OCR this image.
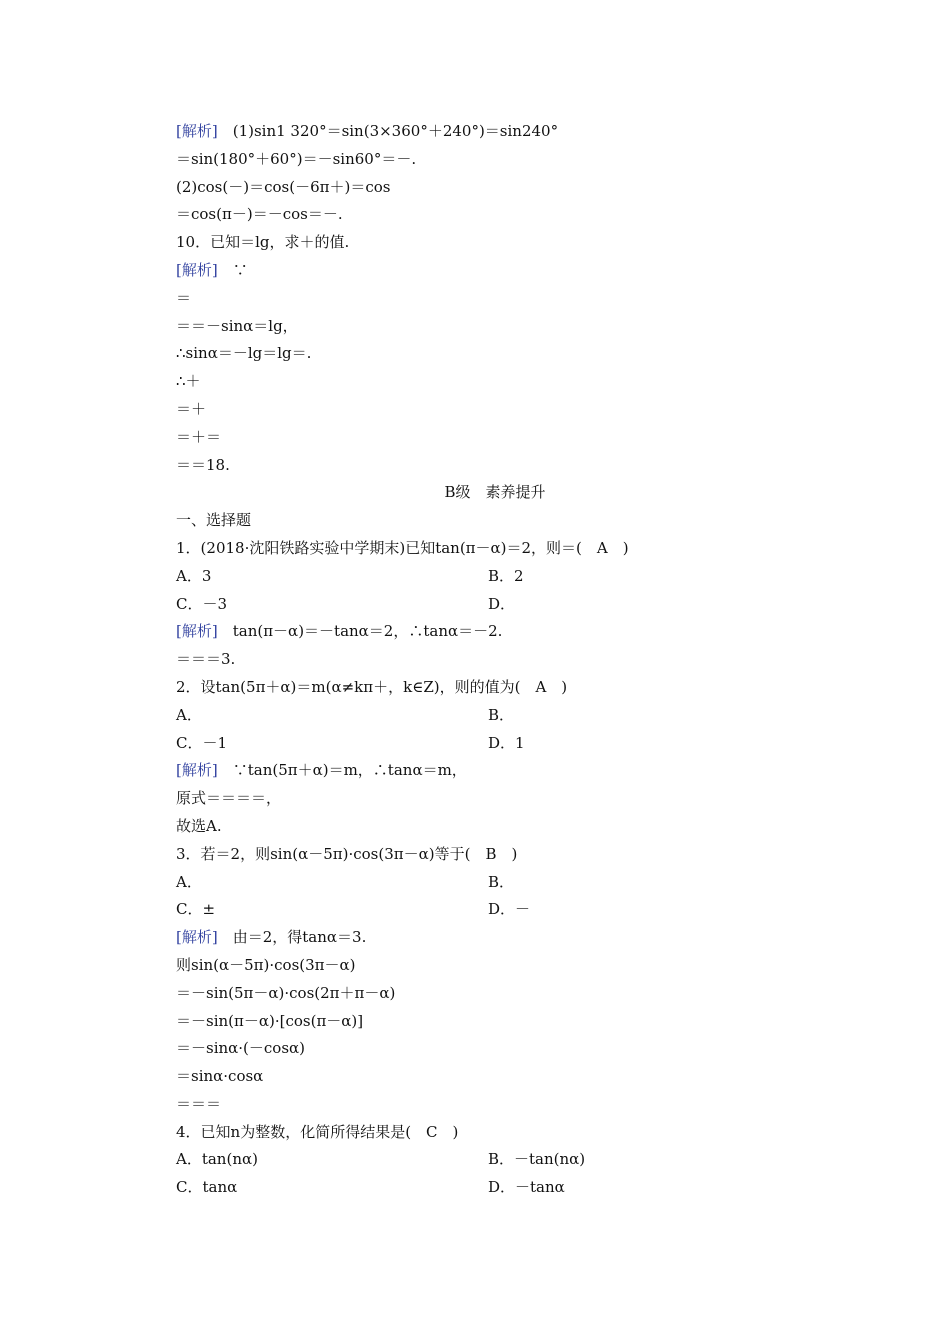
[解析]　(1)sin1 320°＝sin(3×360°＋240°)＝sin240°
＝sin(180°＋60°)＝－sin60°＝－.
(2)cos(－)＝cos(－6π＋)＝cos
＝cos(π－)＝－cos＝－.
10．已知＝lg，求＋的值.
[解析]　∵
＝
＝＝－sinα＝lg，
∴sinα＝－lg＝lg＝.
∴＋
＝＋
＝＋＝
＝＝18.
B级　素养提升
一、选择题
1．(2018·沈阳铁路实验中学期末)已知tan(π－α)＝2，则＝(　A　)
A．3	B．2
C．－3	D．
[解析]　tan(π－α)＝－tanα＝2，∴tanα＝－2.
＝＝＝3.
2．设tan(5π＋α)＝m(α≠kπ＋，k∈Z)，则的值为(　A　)
A．	B．
C．－1	D．1
[解析]　∵tan(5π＋α)＝m，∴tanα＝m，
原式＝＝＝＝，
故选A.
3．若＝2，则sin(α－5π)·cos(3π－α)等于(　B　)
A．	B．
C．±	D．－
[解析]　由＝2，得tanα＝3.
则sin(α－5π)·cos(3π－α)
＝－sin(5π－α)·cos(2π＋π－α)
＝－sin(π－α)·[cos(π－α)]
＝－sinα·(－cosα)
＝sinα·cosα
＝＝＝
4．已知n为整数，化简所得结果是(　C　)
A．tan(nα)	B．－tan(nα)
C．tanα	D．－tanα
